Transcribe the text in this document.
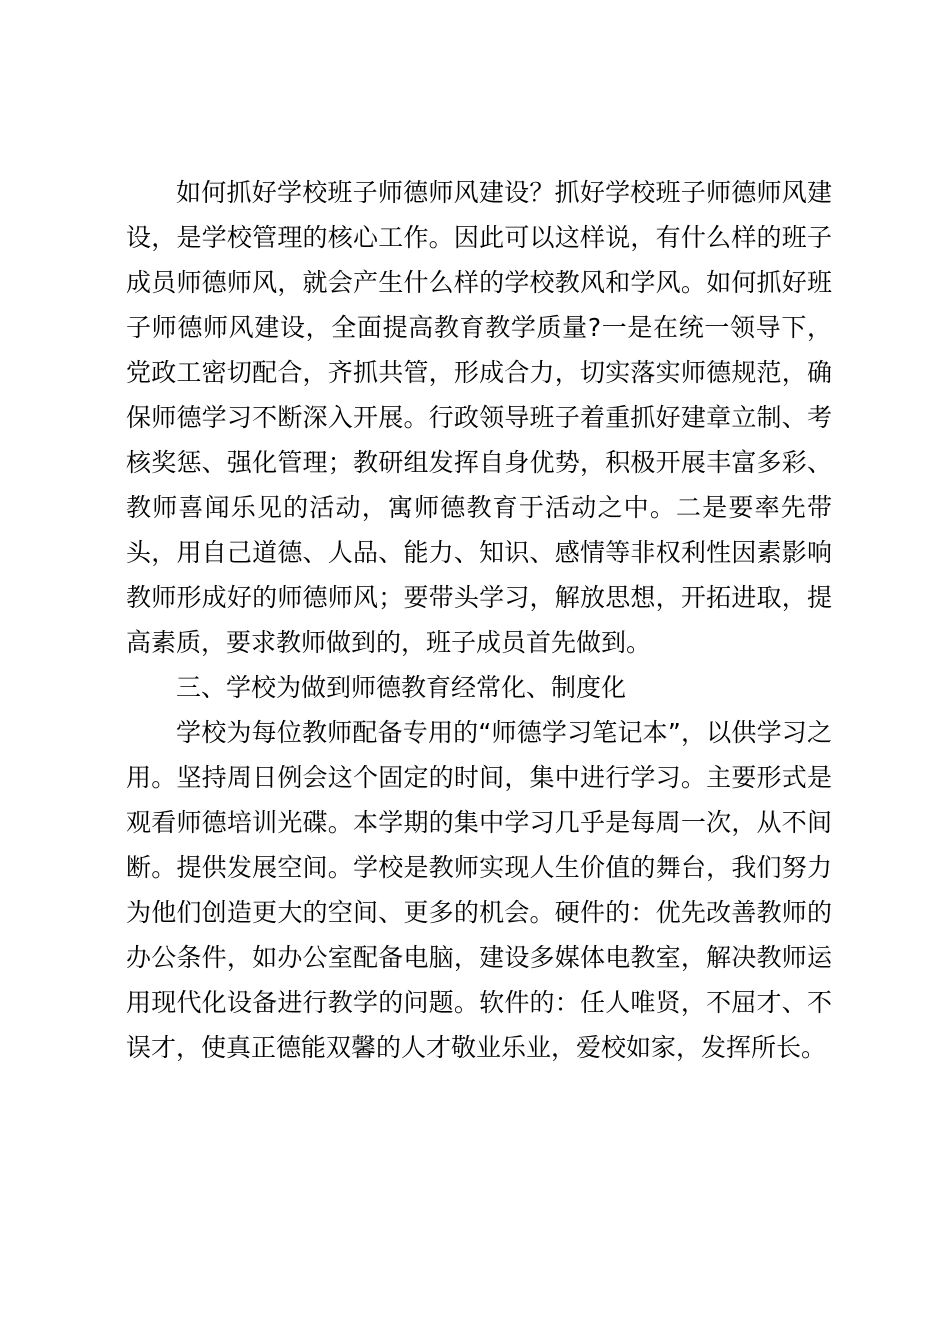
如何抓好学校班子师德师风建设？抓好学校班子师德师风建设，是学校管理的核心工作。因此可以这样说，有什么样的班子成员师德师风，就会产生什么样的学校教风和学风。如何抓好班子师德师风建设，全面提高教育教学质量?一是在统一领导下，党政工密切配合，齐抓共管，形成合力，切实落实师德规范，确保师德学习不断深入开展。行政领导班子着重抓好建章立制、考核奖惩、强化管理；教研组发挥自身优势，积极开展丰富多彩、教师喜闻乐见的活动，寓师德教育于活动之中。二是要率先带头，用自己道德、人品、能力、知识、感情等非权利性因素影响教师形成好的师德师风；要带头学习，解放思想，开拓进取，提高素质，要求教师做到的，班子成员首先做到。

三、学校为做到师德教育经常化、制度化

学校为每位教师配备专用的“师德学习笔记本”，以供学习之用。坚持周日例会这个固定的时间，集中进行学习。主要形式是观看师德培训光碟。本学期的集中学习几乎是每周一次，从不间断。提供发展空间。学校是教师实现人生价值的舞台，我们努力为他们创造更大的空间、更多的机会。硬件的：优先改善教师的办公条件，如办公室配备电脑，建设多媒体电教室，解决教师运用现代化设备进行教学的问题。软件的：任人唯贤，不屈才、不误才，使真正德能双馨的人才敬业乐业，爱校如家，发挥所长。
